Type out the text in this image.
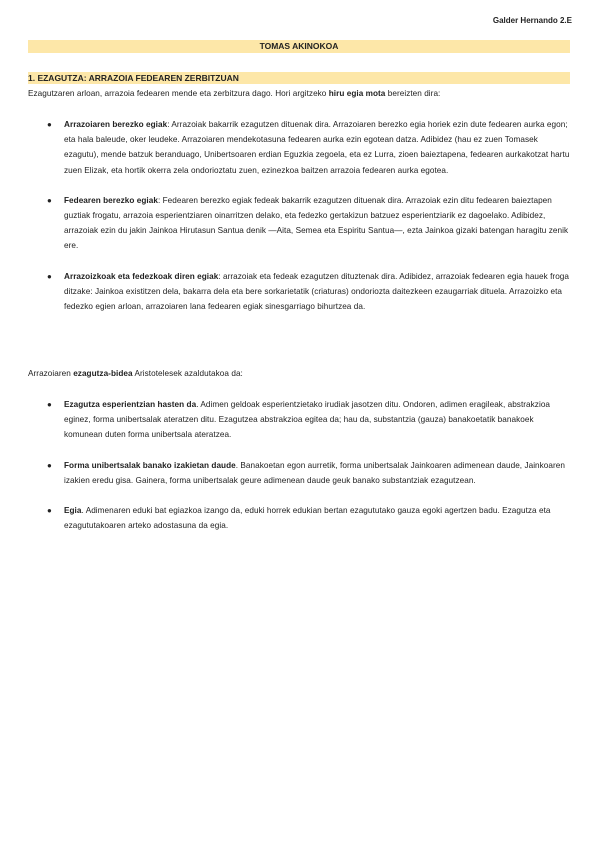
Galder Hernando 2.E
TOMAS AKINOKOA
1. EZAGUTZA: ARRAZOIA FEDEAREN ZERBITZUAN

Ezagutzaren arloan, arrazoia fedearen mende eta zerbitzura dago. Hori argitzeko hiru egia mota bereizten dira:

● Arrazoiaren berezko egiak: Arrazoiak bakarrik ezagutzen dituenak dira. Arrazoiaren berezko egia horiek ezin dute fedearen aurka egon; eta hala baleude, oker leudeke. Arrazoiaren mendekotasuna fedearen aurka ezin egotean datza. Adibidez (hau ez zuen Tomasek ezagutu), mende batzuk beranduago, Unibertsoaren erdian Eguzkia zegoela, eta ez Lurra, zioen baieztapena, fedearen aurkakotzat hartu zuen Elizak, eta hortik okerra zela ondorioztatu zuen, ezinezkoa baitzen arrazoia fedearen aurka egotea.
● Fedearen berezko egiak: Fedearen berezko egiak fedeak bakarrik ezagutzen dituenak dira. Arrazoiak ezin ditu fedearen baieztapen guztiak frogatu, arrazoia esperientziaren oinarritzen delako, eta fedezko gertakizun batzuez esperientziarik ez dagoelako. Adibidez, arrazoiak ezin du jakin Jainkoa Hirutasun Santua denik —Aita, Semea eta Espiritu Santua—, ezta Jainkoa gizaki batengan haragitu zenik ere.
● Arrazoizkoak eta fedezkoak diren egiak: arrazoiak eta fedeak ezagutzen dituztenak dira. Adibidez, arrazoiak fedearen egia hauek froga ditzake: Jainkoa existitzen dela, bakarra dela eta bere sorkarietatik (criaturas) ondoriozta daitezkeen ezaugarriak dituela. Arrazoizko eta fedezko egien arloan, arrazoiaren lana fedearen egiak sinesgarriago bihurtzea da.

Arrazoiaren ezagutza-bidea Aristotelesek azaldutakoa da:

● Ezagutza esperientzian hasten da. Adimen geldoak esperientzietako irudiak jasotzen ditu. Ondoren, adimen eragileak, abstrakzioa eginez, forma unibertsalak ateratzen ditu. Ezagutzea abstrakzioa egitea da; hau da, substantzia (gauza) banakoetatik banakoek komunean duten forma unibertsala ateratzea.
● Forma unibertsalak banako izakietan daude. Banakoetan egon aurretik, forma unibertsalak Jainkoaren adimenean daude, Jainkoaren izakien eredu gisa. Gainera, forma unibertsalak geure adimenean daude geuk banako substantziak ezagutzean.
● Egia. Adimenaren eduki bat egiazkoa izango da, eduki horrek edukian bertan ezagututako gauza egoki agertzen badu. Ezagutza eta ezagututakoaren arteko adostasuna da egia.
